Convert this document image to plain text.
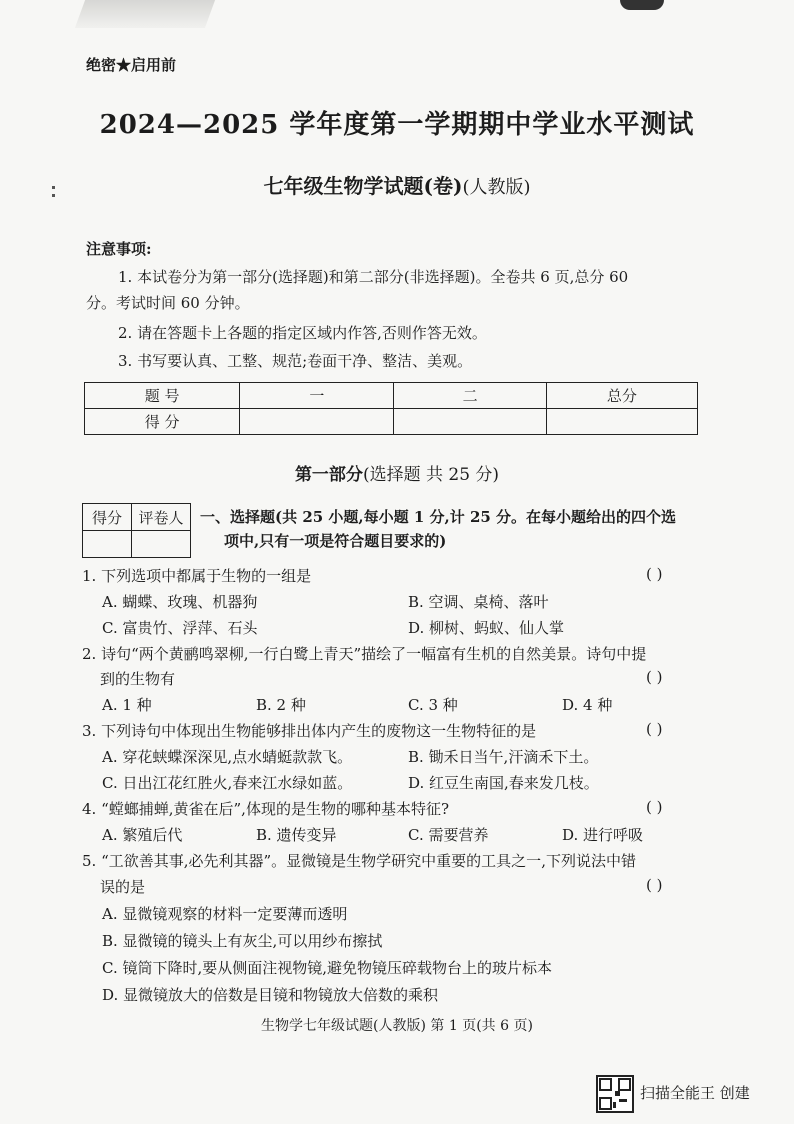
绝密★启用前
2024—2025 学年度第一学期期中学业水平测试
七年级生物学试题(卷)(人教版)
注意事项:
1. 本试卷分为第一部分(选择题)和第二部分(非选择题)。全卷共 6 页,总分 60
分。考试时间 60 分钟。
2. 请在答题卡上各题的指定区域内作答,否则作答无效。
3. 书写要认真、工整、规范;卷面干净、整洁、美观。
题 号	一	二	总分
得 分			
第一部分(选择题 共 25 分)
得分	评卷人
	一、选择题(共 25 小题,每小题 1 分,计 25 分。在每小题给出的四个选
项中,只有一项是符合题目要求的)
1. 下列选项中都属于生物的一组是	( )
A. 蝴蝶、玫瑰、机器狗	B. 空调、桌椅、落叶
C. 富贵竹、浮萍、石头	D. 柳树、蚂蚁、仙人掌
2. 诗句“两个黄鹂鸣翠柳,一行白鹭上青天”描绘了一幅富有生机的自然美景。诗句中提
到的生物有	( )
A. 1 种	B. 2 种	C. 3 种	D. 4 种
3. 下列诗句中体现出生物能够排出体内产生的废物这一生物特征的是	( )
A. 穿花蛱蝶深深见,点水蜻蜓款款飞。	B. 锄禾日当午,汗滴禾下土。
C. 日出江花红胜火,春来江水绿如蓝。	D. 红豆生南国,春来发几枝。
4. “螳螂捕蝉,黄雀在后”,体现的是生物的哪种基本特征?	( )
A. 繁殖后代	B. 遗传变异	C. 需要营养	D. 进行呼吸
5. “工欲善其事,必先利其器”。显微镜是生物学研究中重要的工具之一,下列说法中错
误的是	( )
A. 显微镜观察的材料一定要薄而透明
B. 显微镜的镜头上有灰尘,可以用纱布擦拭
C. 镜筒下降时,要从侧面注视物镜,避免物镜压碎载物台上的玻片标本
D. 显微镜放大的倍数是目镜和物镜放大倍数的乘积
生物学七年级试题(人教版) 第 1 页(共 6 页)
扫描全能王 创建
